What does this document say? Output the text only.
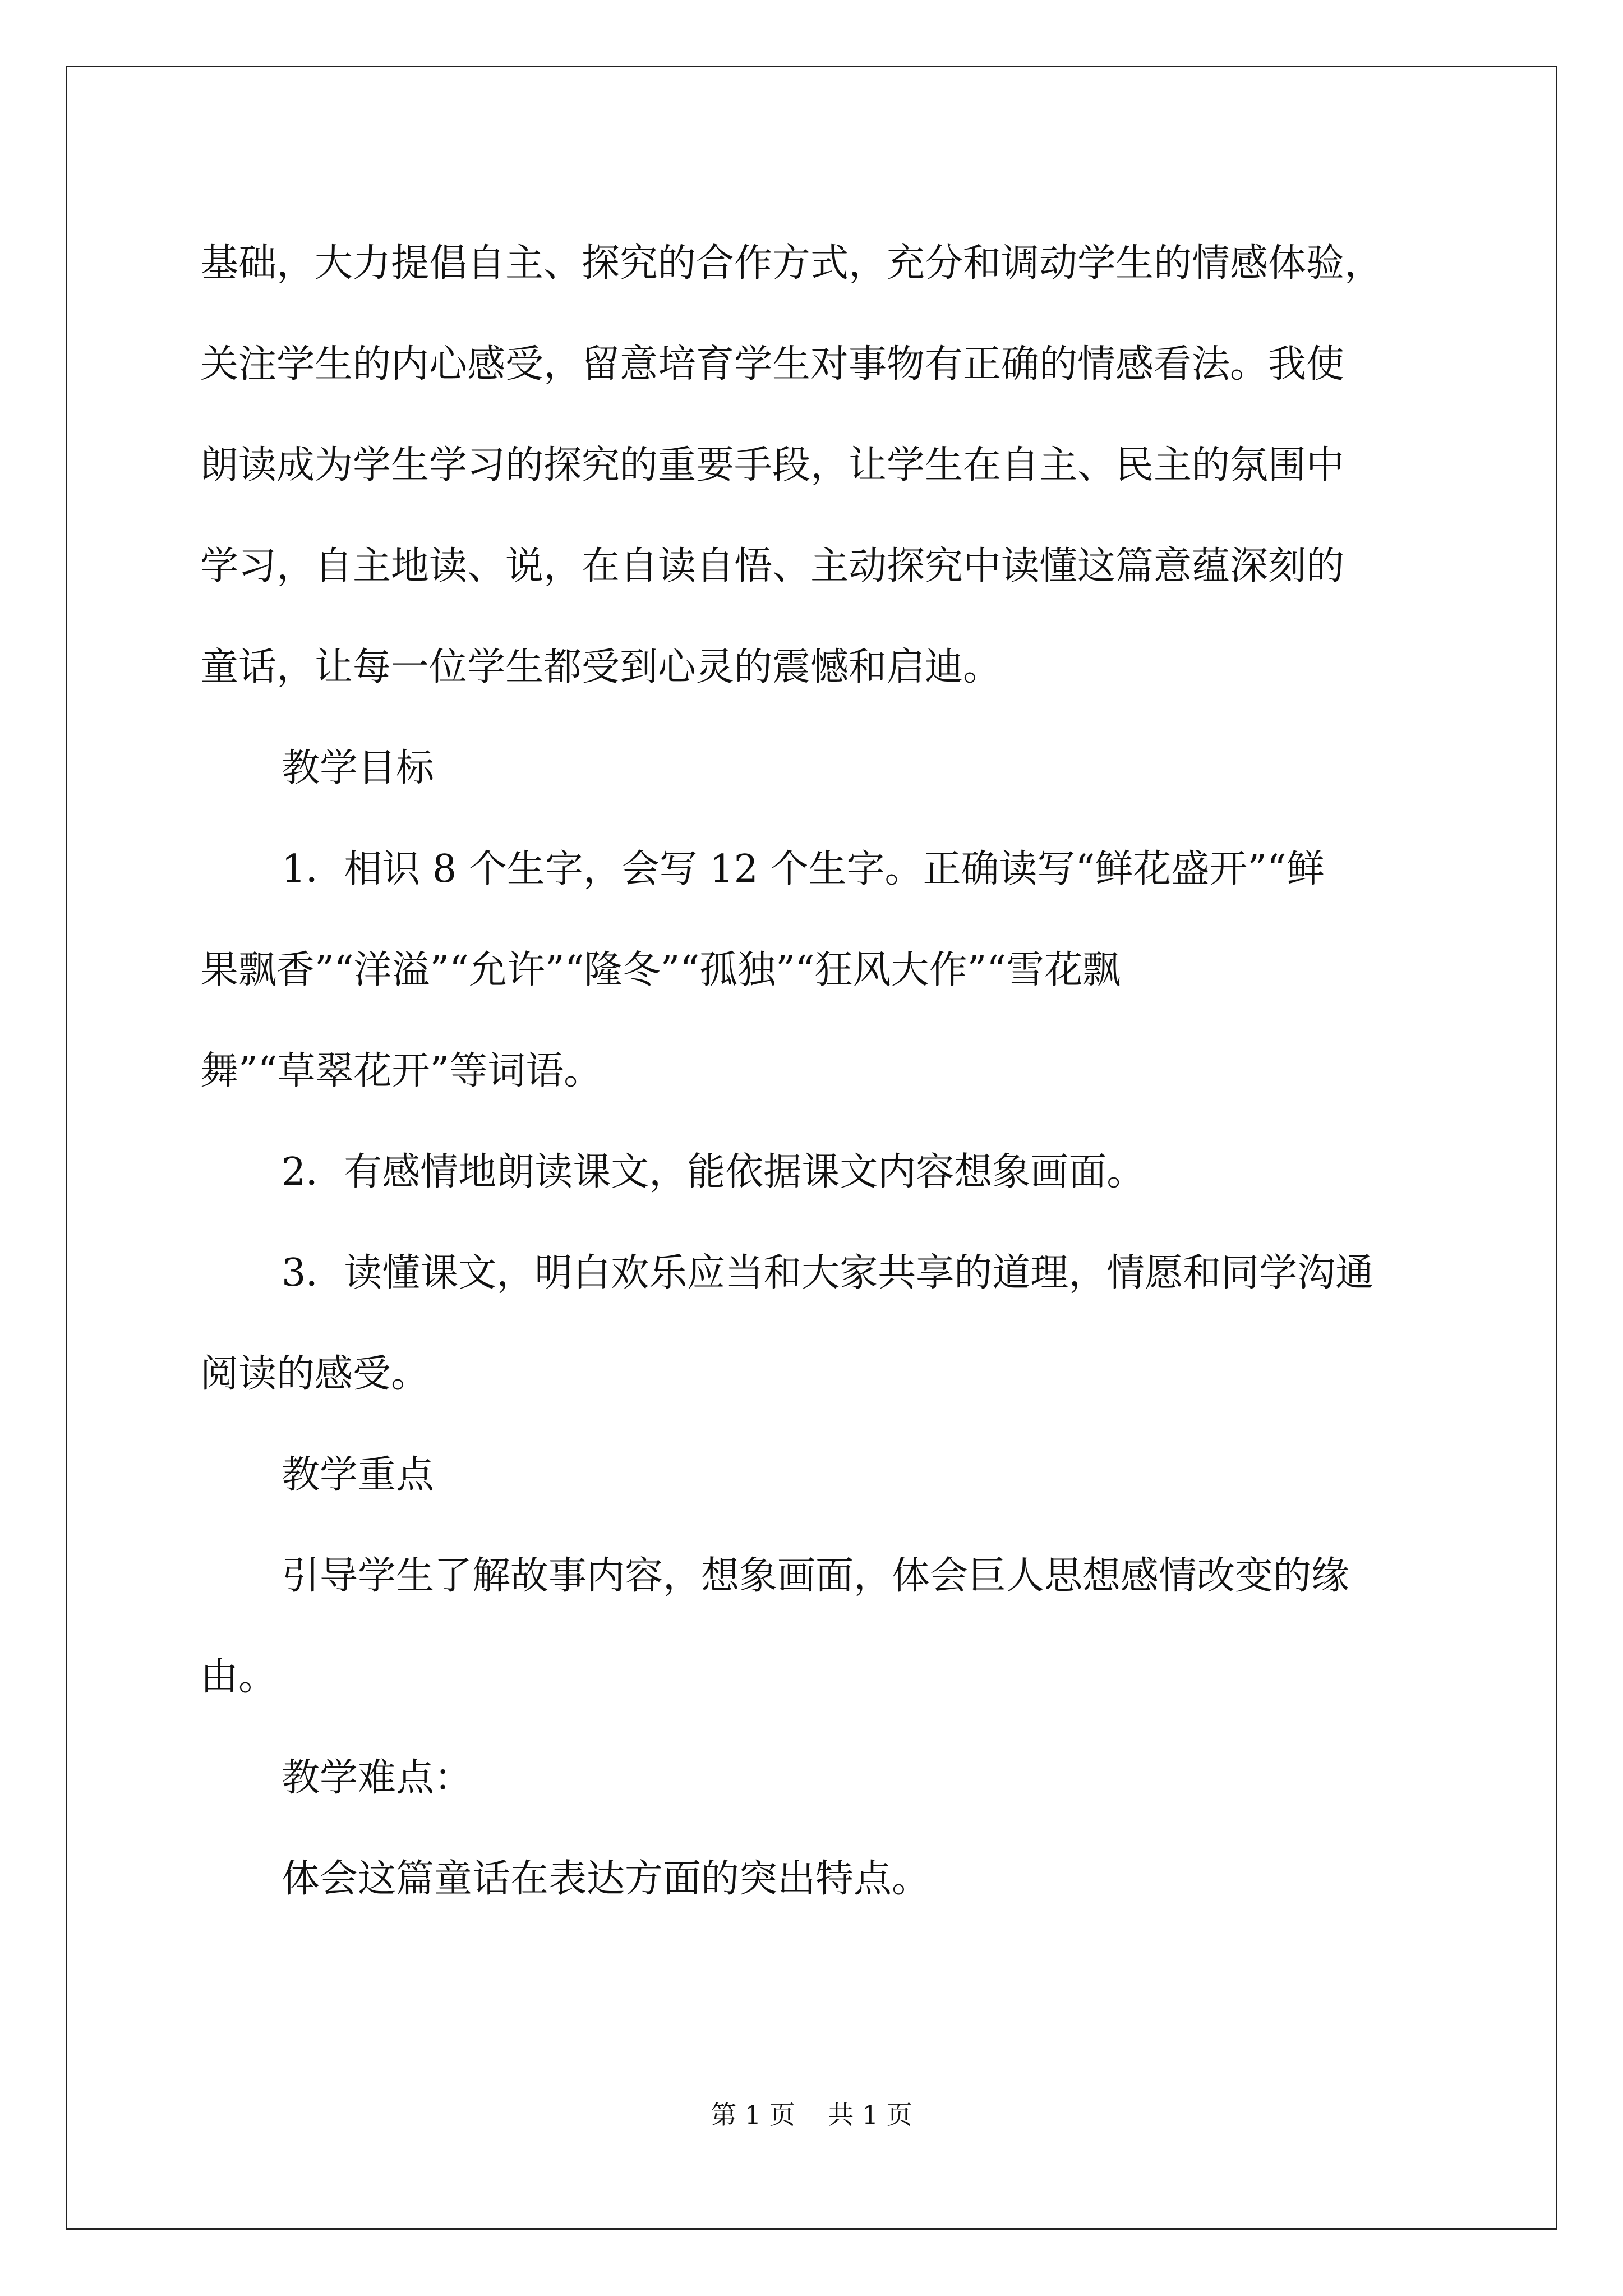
基础，大力提倡自主、探究的合作方式，充分和调动学生的情感体验，
关注学生的内心感受，留意培育学生对事物有正确的情感看法。我使
朗读成为学生学习的探究的重要手段，让学生在自主、民主的氛围中
学习，自主地读、说，在自读自悟、主动探究中读懂这篇意蕴深刻的
童话，让每一位学生都受到心灵的震憾和启迪。
教学目标
1．相识 8 个生字，会写 12 个生字。正确读写“鲜花盛开”“鲜
果飘香”“洋溢”“允许”“隆冬”“孤独”“狂风大作”“雪花飘
舞”“草翠花开”等词语。
2．有感情地朗读课文，能依据课文内容想象画面。
3．读懂课文，明白欢乐应当和大家共享的道理，情愿和同学沟通
阅读的感受。
教学重点
引导学生了解故事内容，想象画面，体会巨人思想感情改变的缘
由。
教学难点：
体会这篇童话在表达方面的突出特点。
第 1 页    共 1 页
